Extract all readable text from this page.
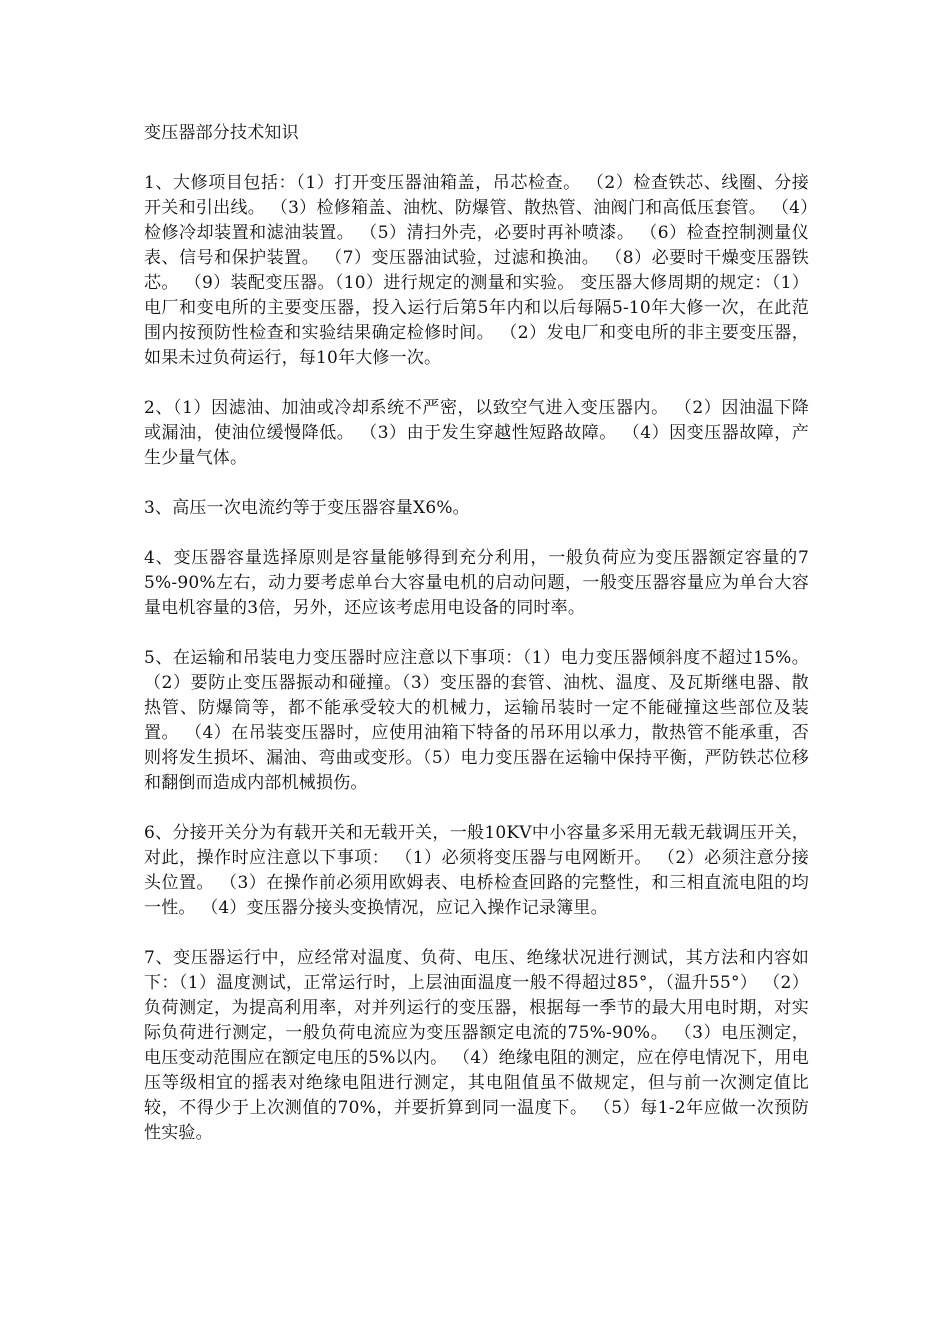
变压器部分技术知识

1、大修项目包括：（1）打开变压器油箱盖，吊芯检查。 （2）检查铁芯、线圈、分接开关和引出线。 （3）检修箱盖、油枕、防爆管、散热管、油阀门和高低压套管。 （4）检修冷却装置和滤油装置。 （5）清扫外壳，必要时再补喷漆。 （6）检查控制测量仪表、信号和保护装置。 （7）变压器油试验，过滤和换油。 （8）必要时干燥变压器铁芯。 （9）装配变压器。（10）进行规定的测量和实验。 变压器大修周期的规定：（1）电厂和变电所的主要变压器，投入运行后第5年内和以后每隔5-10年大修一次，在此范围内按预防性检查和实验结果确定检修时间。 （2）发电厂和变电所的非主要变压器，如果未过负荷运行，每10年大修一次。

2、（1）因滤油、加油或冷却系统不严密，以致空气进入变压器内。 （2）因油温下降或漏油，使油位缓慢降低。 （3）由于发生穿越性短路故障。 （4）因变压器故障，产生少量气体。

3、高压一次电流约等于变压器容量X6%。

4、变压器容量选择原则是容量能够得到充分利用，一般负荷应为变压器额定容量的75%-90%左右，动力要考虑单台大容量电机的启动问题，一般变压器容量应为单台大容量电机容量的3倍，另外，还应该考虑用电设备的同时率。

5、在运输和吊装电力变压器时应注意以下事项：（1）电力变压器倾斜度不超过15%。（2）要防止变压器振动和碰撞。（3）变压器的套管、油枕、温度、及瓦斯继电器、散热管、防爆筒等，都不能承受较大的机械力，运输吊装时一定不能碰撞这些部位及装置。 （4）在吊装变压器时，应使用油箱下特备的吊环用以承力，散热管不能承重，否则将发生损坏、漏油、弯曲或变形。（5）电力变压器在运输中保持平衡，严防铁芯位移和翻倒而造成内部机械损伤。

6、分接开关分为有载开关和无载开关，一般10KV中小容量多采用无载无载调压开关，对此，操作时应注意以下事项： （1）必须将变压器与电网断开。 （2）必须注意分接头位置。 （3）在操作前必须用欧姆表、电桥检查回路的完整性，和三相直流电阻的均一性。 （4）变压器分接头变换情况，应记入操作记录簿里。

7、变压器运行中，应经常对温度、负荷、电压、绝缘状况进行测试，其方法和内容如下：（1）温度测试，正常运行时，上层油面温度一般不得超过85°，（温升55°） （2）负荷测定，为提高利用率，对并列运行的变压器，根据每一季节的最大用电时期，对实际负荷进行测定，一般负荷电流应为变压器额定电流的75%-90%。 （3）电压测定，电压变动范围应在额定电压的5%以内。 （4）绝缘电阻的测定，应在停电情况下，用电压等级相宜的摇表对绝缘电阻进行测定，其电阻值虽不做规定，但与前一次测定值比较，不得少于上次测值的70%，并要折算到同一温度下。 （5）每1-2年应做一次预防性实验。
